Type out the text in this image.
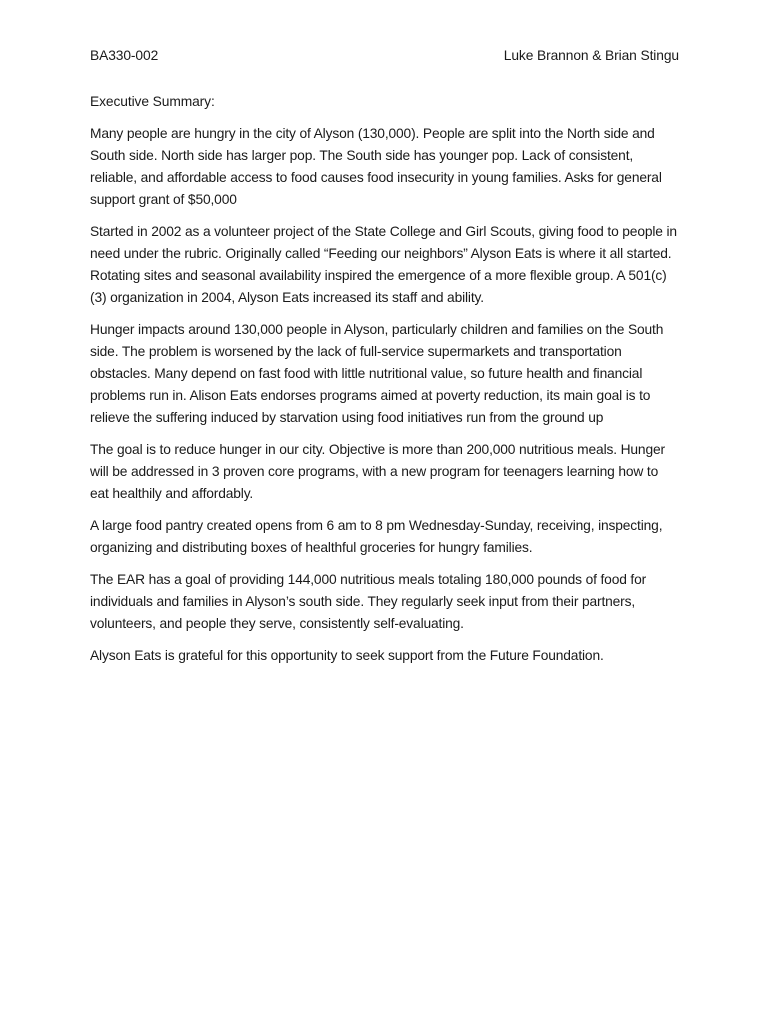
BA330-002	Luke Brannon & Brian Stingu
Executive Summary:

Many people are hungry in the city of Alyson (130,000). People are split into the North side and South side. North side has larger pop. The South side has younger pop. Lack of consistent, reliable, and affordable access to food causes food insecurity in young families. Asks for general support grant of $50,000

Started in 2002 as a volunteer project of the State College and Girl Scouts, giving food to people in need under the rubric. Originally called “Feeding our neighbors” Alyson Eats is where it all started. Rotating sites and seasonal availability inspired the emergence of a more flexible group. A 501(c)(3) organization in 2004, Alyson Eats increased its staff and ability.

Hunger impacts around 130,000 people in Alyson, particularly children and families on the South side. The problem is worsened by the lack of full-service supermarkets and transportation obstacles. Many depend on fast food with little nutritional value, so future health and financial problems run in. Alison Eats endorses programs aimed at poverty reduction, its main goal is to relieve the suffering induced by starvation using food initiatives run from the ground up

The goal is to reduce hunger in our city. Objective is more than 200,000 nutritious meals. Hunger will be addressed in 3 proven core programs, with a new program for teenagers learning how to eat healthily and affordably.

A large food pantry created opens from 6 am to 8 pm Wednesday-Sunday, receiving, inspecting, organizing and distributing boxes of healthful groceries for hungry families.

The EAR has a goal of providing 144,000 nutritious meals totaling 180,000 pounds of food for individuals and families in Alyson’s south side. They regularly seek input from their partners, volunteers, and people they serve, consistently self-evaluating.

Alyson Eats is grateful for this opportunity to seek support from the Future Foundation.
